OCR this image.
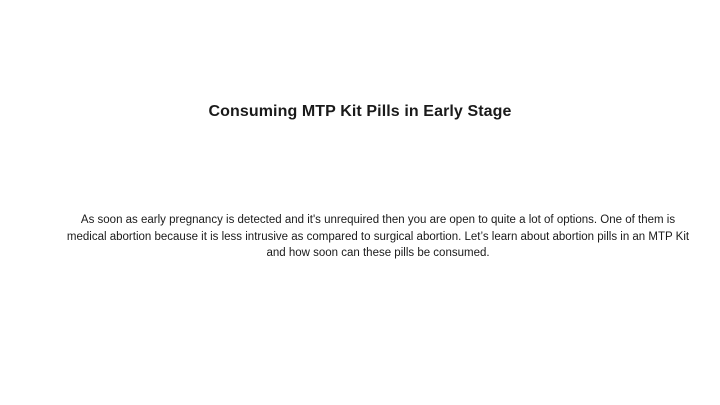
Consuming MTP Kit Pills in Early Stage
As soon as early pregnancy is detected and it's unrequired then you are open to quite a lot of options. One of them is medical abortion because it is less intrusive as compared to surgical abortion. Let’s learn about abortion pills in an MTP Kit and how soon can these pills be consumed.
